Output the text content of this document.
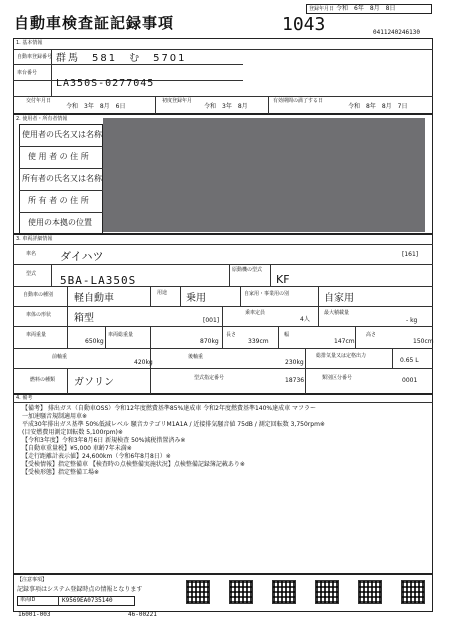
自動車検査証記録事項
登録年月日 令和　6年　8月　8日
1043	0411240246130
1. 基本情報
自動車登録番号 群馬　581　む　5701
車台番号
LA350S-0277045
交付年月日
令和　3年　8月　6日
初度登録年月
令和　3年　8月
有効期間の満了する日
令和　8年　8月　7日
2. 使用者・所有者情報
使用者の氏名又は名称
使 用 者 の 住 所
所有者の氏名又は名称
所 有 者 の 住 所
使用の本拠の位置
3. 車両詳細情報
車名 ダイハツ	[161]
型式 5BA-LA350S
原動機の型式
KF
自動車の種別 軽自動車	用途 乗用	自家用・事業用の別	自家用
車体の形状 箱型	[001]
乗車定員
4人
最大積載量
- kg
車両重量
650kg
車両総重量
870kg
長さ
339cm
幅
147cm
高さ
150cm
前軸重
420kg
後軸重
230kg
総排気量又は定格出力
0.65 L
燃料の種類 ガソリン	型式指定番号	18736	類別区分番号	0001
4. 備考
【備考】 排出ガス（自動車OSS）令和12年度燃費基準85%達成車 令和2年度燃費基準140%達成車 マフラー
一加速騒音規制適用車※
平成30年排出ガス基準 50%低減レベル 騒音カテゴリM1A1A / 近接排気騒音値 75dB / 測定回転数 3,750rpm※
(目安燃費用測定回転数 5,100rpm)※
【令和3年度】令和3年8月6日 新規検査 50%減税措置済み※
【自動車重量税】¥5,000 車齢7年未満※
【走行距離計表示値】24,600km（令和6年8月8日）※
【受検情報】指定整備車 【検査時の点検整備実施状況】点検整備記録簿記載あり※
【受検形態】指定整備工場※
【注意事項】
記録事項はシステム登録時点の情報となります
車両ID	K9569EA0735140
16001-003	46-00221
